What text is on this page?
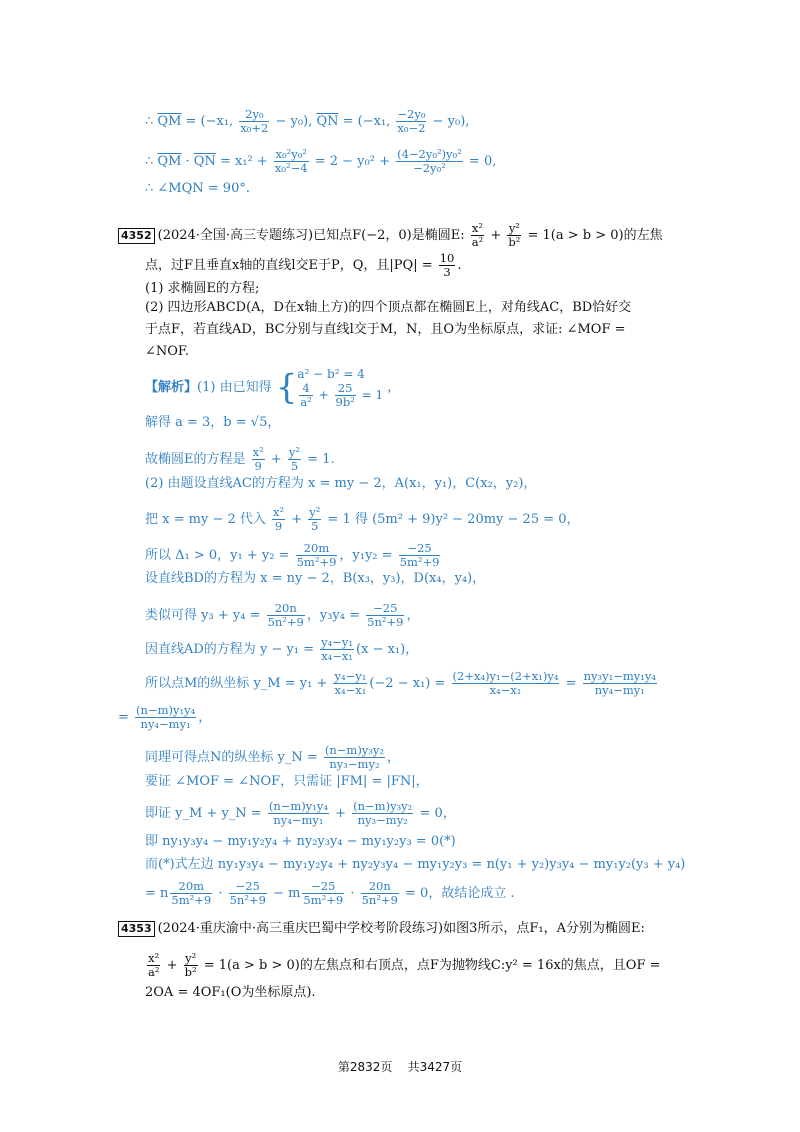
∴ $\overline{QM} = (-x_1$, $\frac{\text{2y₀}}{\text{x₀+2}} - y_0$), $\overline{QN} = (-x_1$, $\frac{\text{−2y₀}}{\text{x₀−2}} - y_0$),
∴ $\overline{QM} \cdot \overline{QN} = x_1^2 + \frac{\text{x₀²y₀²}}{\text{x₀²−4}} = 2 - y_0^2 + \frac{\text{(4−2y₀²)y₀²}}{\text{−2y₀²}} = 0$,
∴ ∠MQN = 90°.
4352 (2024·全国·高三专题练习)已知点F(−2，0)是椭圆E: $\frac{\text{x²}}{\text{a²}} + \frac{\text{y²}}{\text{b²}} = 1(a > b > 0)$的左焦
点，过F且垂直x轴的直线l交E于P，Q，且$|PQ| = \frac{10}{3}$ .
(1) 求椭圆E的方程;
(2) 四边形ABCD(A，D在x轴上方)的四个顶点都在椭圆E上，对角线AC，BD恰好交
于点F，若直线AD，BC分别与直线l交于M，N，且O为坐标原点，求证: ∠MOF =
∠NOF.
【解析】(1) 由已知得 { a² − b² = 4
$\frac{4}{\text{a²}} + \frac{25}{\text{9b²}} = 1$ ，
解得 a = 3，b = √5，
故椭圆E的方程是 $\frac{\text{x²}}{9} + \frac{\text{y²}}{5} = 1$.
(2) 由题设直线AC的方程为 x = my − 2，A(x₁，y₁)，C(x₂，y₂)，
把 x = my − 2 代入 $\frac{\text{x²}}{9} + \frac{\text{y²}}{5} = 1$ 得 (5m² + 9)y² − 20my − 25 = 0，
所以 Δ₁ > 0，$y_1 + y_2 = \frac{20m}{\text{5m²+9}}$ ，$y_1y_2 = \frac{-25}{\text{5m²+9}}$
设直线BD的方程为 x = ny − 2，B(x₃，y₃)，D(x₄，y₄)，
类似可得 $y_3 + y_4 = \frac{20n}{\text{5n²+9}}$ ，$y_3y_4 = \frac{-25}{\text{5n²+9}}$ ，
因直线AD的方程为 $y - y_1 = \frac{\text{y₄−y₁}}{\text{x₄−x₁}} (x - x_1)$，
所以点M的纵坐标 y_M = $y_1 + \frac{\text{y₄−y₁}}{\text{x₄−x₁}} (-2 - x_1) = \frac{\text{(2+x₄)y₁−(2+x₁)y₄}}{\text{x₄−x₁}} = \frac{\text{ny₃y₁−my₁y₄}}{\text{ny₄−my₁}}$
= $\frac{\text{(n−m)y₁y₄}}{\text{ny₄−my₁}}$ ，
同理可得点N的纵坐标 y_N = $\frac{\text{(n−m)y₃y₂}}{\text{ny₃−my₂}}$ ，
要证 ∠MOF = ∠NOF，只需证 |FM| = |FN|，
即证 y_M + y_N = $\frac{\text{(n−m)y₁y₄}}{\text{ny₄−my₁}} + \frac{\text{(n−m)y₃y₂}}{\text{ny₃−my₂}} = 0$，
即 ny₁y₃y₄ − my₁y₂y₄ + ny₂y₃y₄ − my₁y₂y₃ = 0(*)
而(*)式左边 ny₁y₃y₄ − my₁y₂y₄ + ny₂y₃y₄ − my₁y₂y₃ = n(y₁ + y₂)y₃y₄ − my₁y₂(y₃ + y₄)
= n $\frac{20m}{\text{5m²+9}} \cdot \frac{-25}{\text{5n²+9}} - m \frac{-25}{\text{5m²+9}} \cdot \frac{20n}{\text{5n²+9}} = 0$，故结论成立 .
4353 (2024·重庆渝中·高三重庆巴蜀中学校考阶段练习)如图3所示，点F₁，A分别为椭圆E:
$\frac{\text{x²}}{\text{a²}} + \frac{\text{y²}}{\text{b²}} = 1(a > b > 0)$的左焦点和右顶点，点F为抛物线C:y² = 16x的焦点，且OF =
2OA = 4OF₁(O为坐标原点).
第2832页 共3427页
